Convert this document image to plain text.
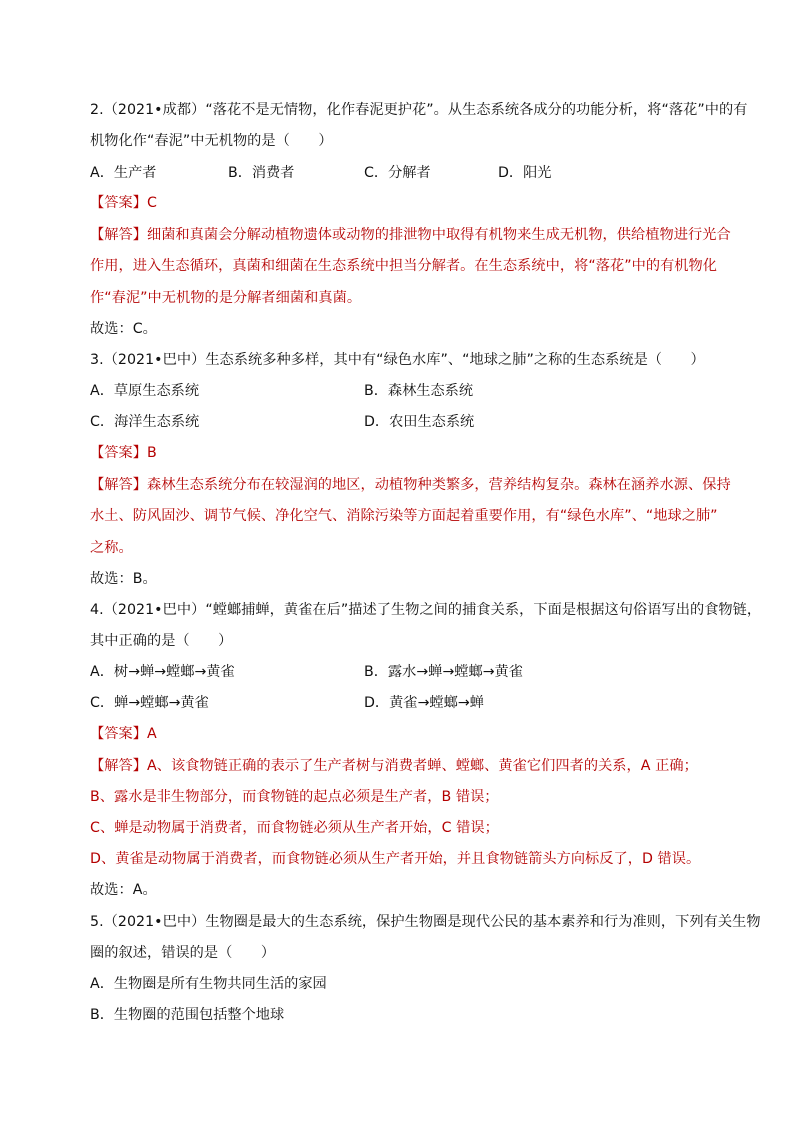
2.（2021•成都）“落花不是无情物，化作春泥更护花”。从生态系统各成分的功能分析，将“落花”中的有
机物化作“春泥”中无机物的是（　　）
A．生产者	B．消费者	C．分解者	D．阳光
【答案】C
【解答】细菌和真菌会分解动植物遗体或动物的排泄物中取得有机物来生成无机物，供给植物进行光合
作用，进入生态循环，真菌和细菌在生态系统中担当分解者。在生态系统中，将“落花”中的有机物化
作“春泥”中无机物的是分解者细菌和真菌。
故选：C。
3.（2021•巴中）生态系统多种多样，其中有“绿色水库”、“地球之肺”之称的生态系统是（　　）
A．草原生态系统	B．森林生态系统
C．海洋生态系统	D．农田生态系统
【答案】B
【解答】森林生态系统分布在较湿润的地区，动植物种类繁多，营养结构复杂。森林在涵养水源、保持
水土、防风固沙、调节气候、净化空气、消除污染等方面起着重要作用，有“绿色水库”、“地球之肺”
之称。
故选：B。
4.（2021•巴中）“螳螂捕蝉，黄雀在后”描述了生物之间的捕食关系，下面是根据这句俗语写出的食物链，
其中正确的是（　　）
A．树→蝉→螳螂→黄雀	B．露水→蝉→螳螂→黄雀
C．蝉→螳螂→黄雀	D．黄雀→螳螂→蝉
【答案】A
【解答】A、该食物链正确的表示了生产者树与消费者蝉、螳螂、黄雀它们四者的关系，A 正确；
B、露水是非生物部分，而食物链的起点必须是生产者，B 错误；
C、蝉是动物属于消费者，而食物链必须从生产者开始，C 错误；
D、黄雀是动物属于消费者，而食物链必须从生产者开始，并且食物链箭头方向标反了，D 错误。
故选：A。
5.（2021•巴中）生物圈是最大的生态系统，保护生物圈是现代公民的基本素养和行为准则，下列有关生物
圈的叙述，错误的是（　　）
A．生物圈是所有生物共同生活的家园
B．生物圈的范围包括整个地球
